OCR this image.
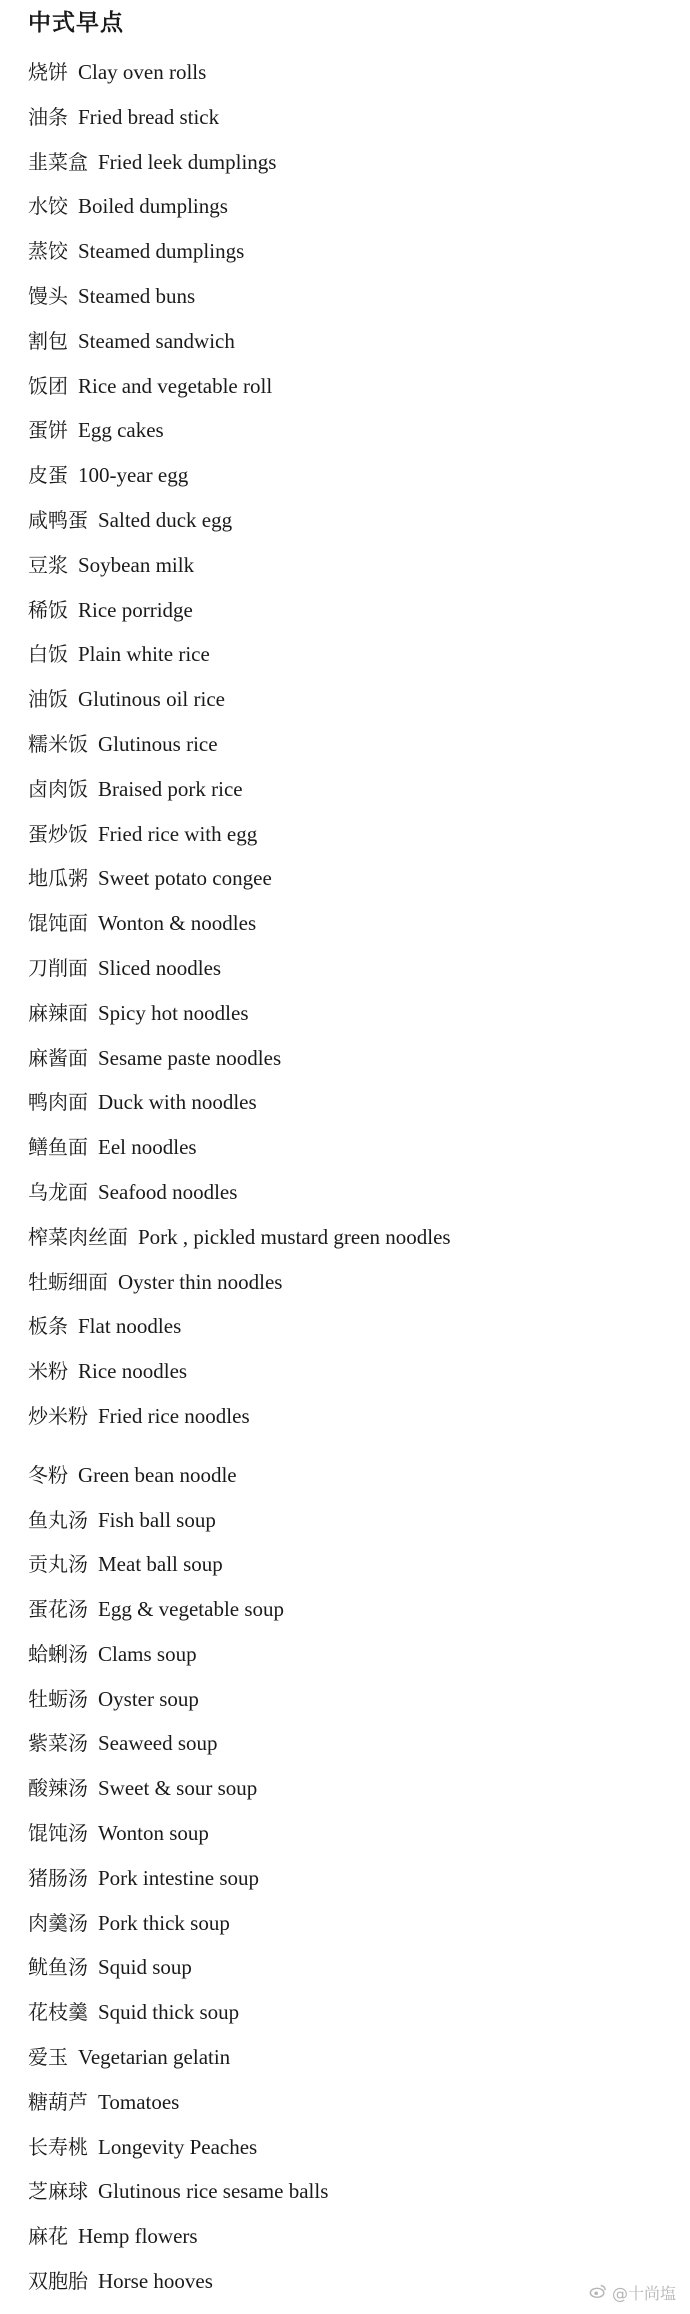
中式早点
烧饼 Clay oven rolls
油条 Fried bread stick
韭菜盒 Fried leek dumplings
水饺 Boiled dumplings
蒸饺 Steamed dumplings
馒头 Steamed buns
割包 Steamed sandwich
饭团 Rice and vegetable roll
蛋饼 Egg cakes
皮蛋 100-year egg
咸鸭蛋 Salted duck egg
豆浆 Soybean milk
稀饭 Rice porridge
白饭 Plain white rice
油饭 Glutinous oil rice
糯米饭 Glutinous rice
卤肉饭 Braised pork rice
蛋炒饭 Fried rice with egg
地瓜粥 Sweet potato congee
馄饨面 Wonton & noodles
刀削面 Sliced noodles
麻辣面 Spicy hot noodles
麻酱面 Sesame paste noodles
鸭肉面 Duck with noodles
鳝鱼面 Eel noodles
乌龙面 Seafood noodles
榨菜肉丝面 Pork , pickled mustard green noodles
牡蛎细面 Oyster thin noodles
板条 Flat noodles
米粉 Rice noodles
炒米粉 Fried rice noodles
冬粉 Green bean noodle
鱼丸汤 Fish ball soup
贡丸汤 Meat ball soup
蛋花汤 Egg & vegetable soup
蛤蜊汤 Clams soup
牡蛎汤 Oyster soup
紫菜汤 Seaweed soup
酸辣汤 Sweet & sour soup
馄饨汤 Wonton soup
猪肠汤 Pork intestine soup
肉羹汤 Pork thick soup
鱿鱼汤 Squid soup
花枝羹 Squid thick soup
爱玉 Vegetarian gelatin
糖葫芦 Tomatoes
长寿桃 Longevity Peaches
芝麻球 Glutinous rice sesame balls
麻花 Hemp flowers
双胞胎 Horse hooves
@十尚塩
